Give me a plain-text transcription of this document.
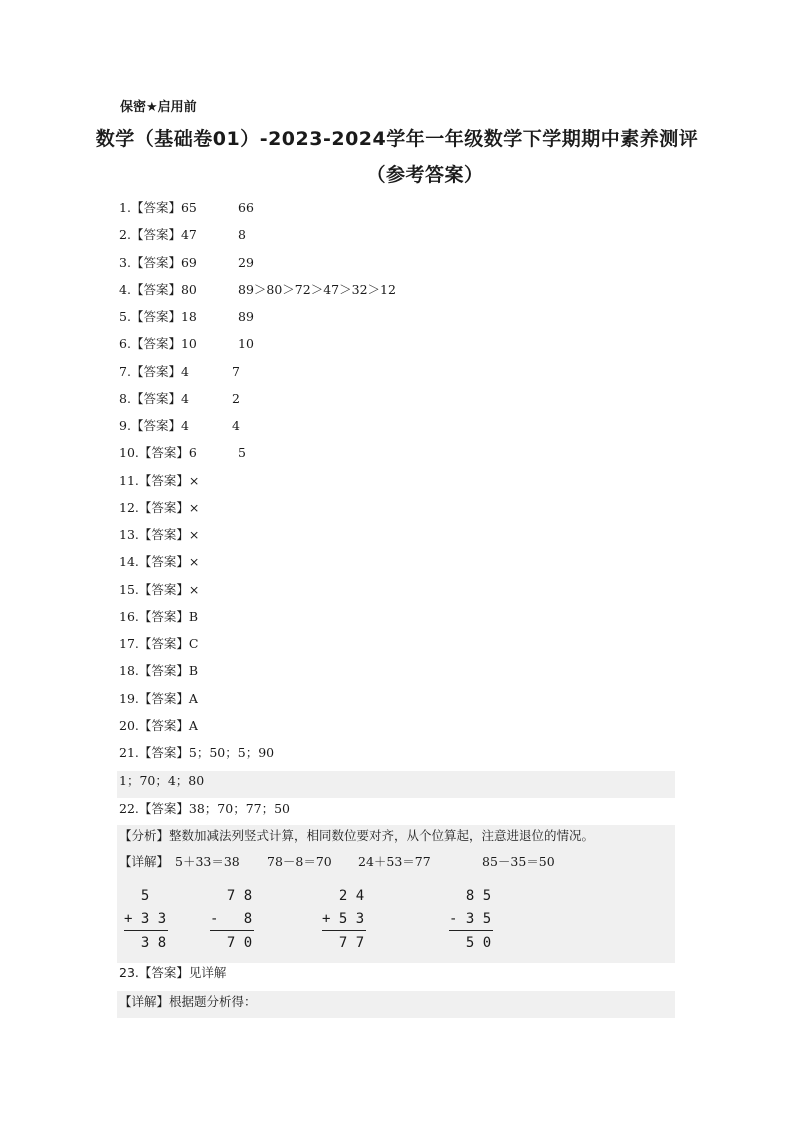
保密★启用前
数学（基础卷01）-2023-2024学年一年级数学下学期期中素养测评
（参考答案）
1.【答案】65	66
2.【答案】47	8
3.【答案】69	29
4.【答案】80	89＞80＞72＞47＞32＞12
5.【答案】18	89
6.【答案】10	10
7.【答案】4	7
8.【答案】4	2
9.【答案】4	4
10.【答案】6	5
11.【答案】×
12.【答案】×
13.【答案】×
14.【答案】×
15.【答案】×
16.【答案】B
17.【答案】C
18.【答案】B
19.【答案】A
20.【答案】A
21.【答案】5；50；5；90
1；70；4；80
22.【答案】38；70；77；50
【分析】整数加减法列竖式计算，相同数位要对齐，从个位算起，注意进退位的情况。
【详解】 5＋33＝38 78－8＝70 24＋53＝77	85－35＝50
5
+ 3 3
3 8
7 8
-   8
7 0
2 4
+ 5 3
7 7
8 5
- 3 5
5 0
23.【答案】见详解
【详解】根据题分析得：
